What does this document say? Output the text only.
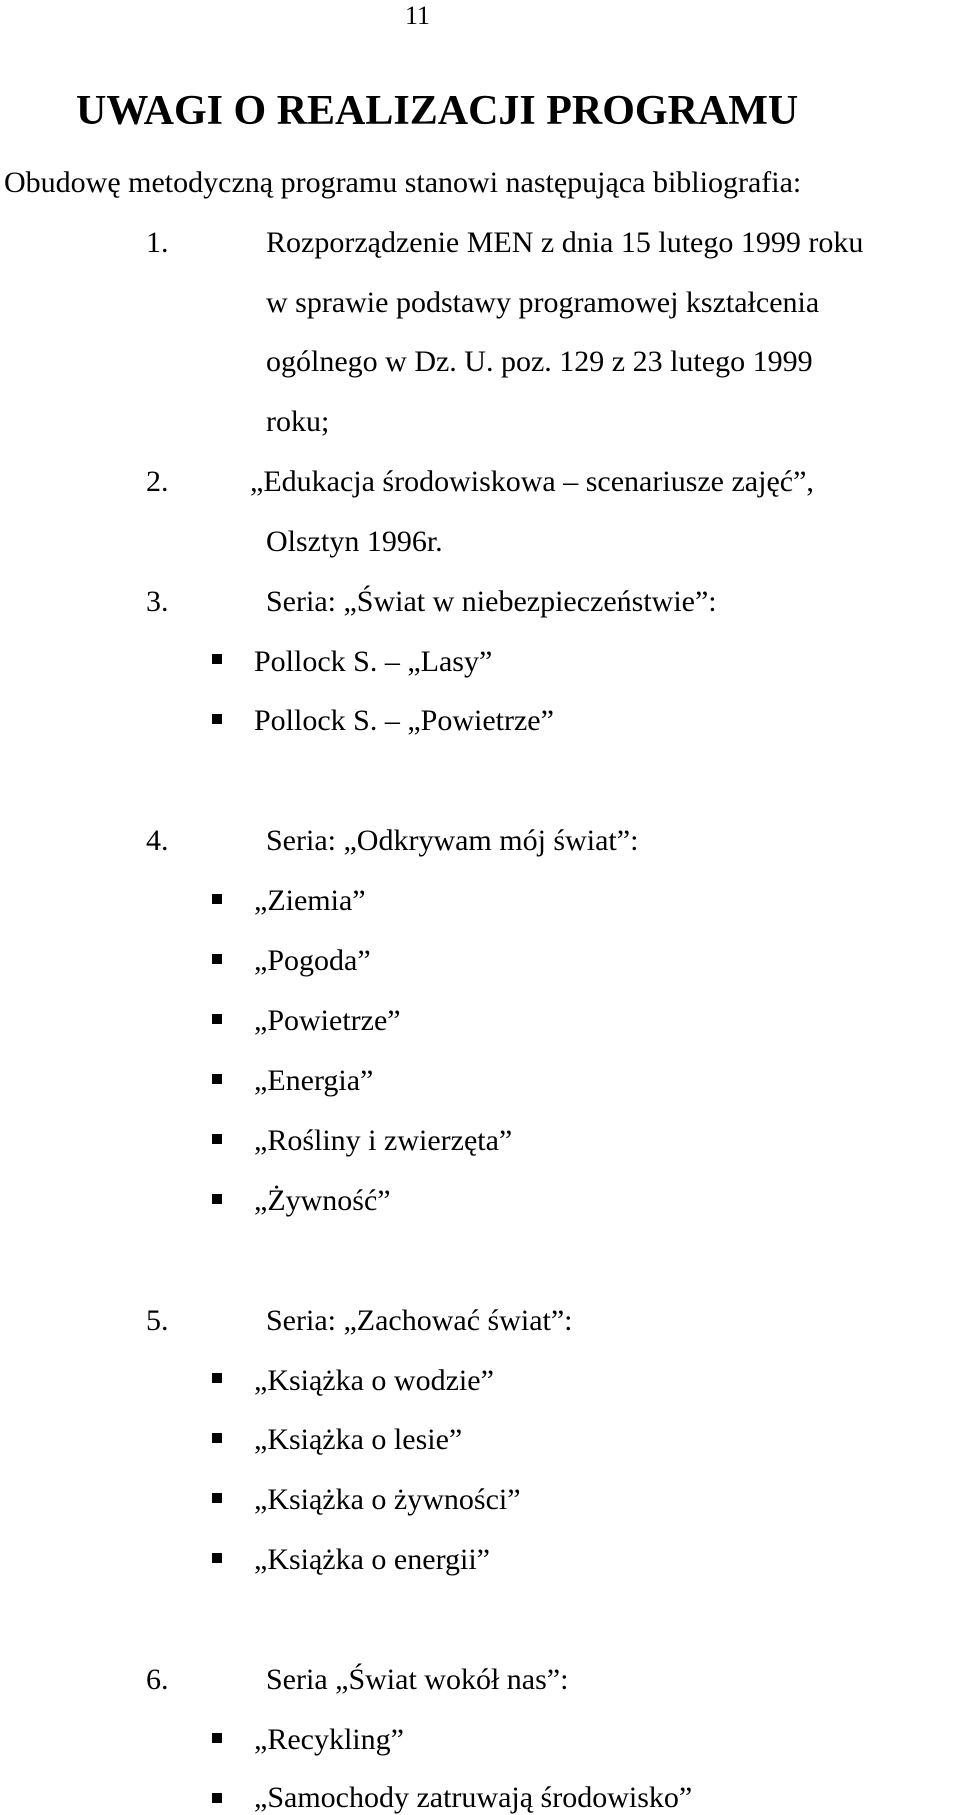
11
UWAGI O REALIZACJI PROGRAMU
Obudowę metodyczną programu stanowi następująca bibliografia:
1.	Rozporządzenie MEN z dnia 15 lutego 1999 roku
w sprawie podstawy programowej kształcenia
ogólnego w Dz. U. poz. 129 z 23 lutego 1999
roku;
2.	„Edukacja środowiskowa – scenariusze zajęć”,
Olsztyn 1996r.
3.	Seria: „Świat w niebezpieczeństwie”:
Pollock S. – „Lasy”
Pollock S. – „Powietrze”
4.	Seria: „Odkrywam mój świat”:
„Ziemia”
„Pogoda”
„Powietrze”
„Energia”
„Rośliny i zwierzęta”
„Żywność”
5.	Seria: „Zachować świat”:
„Książka o wodzie”
„Książka o lesie”
„Książka o żywności”
„Książka o energii”
6.	Seria „Świat wokół nas”:
„Recykling”
„Samochody zatruwają środowisko”
